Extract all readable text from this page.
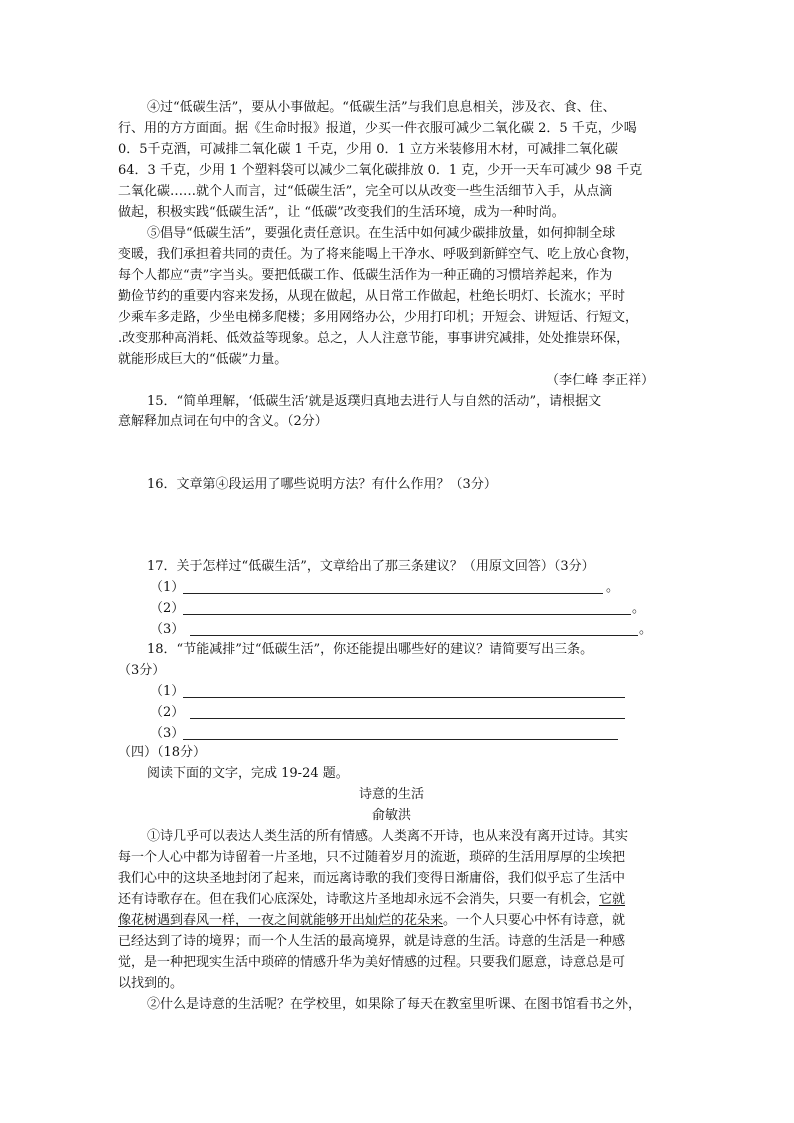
④过“低碳生活”，要从小事做起。“低碳生活”与我们息息相关，涉及衣、食、住、
行、用的方方面面。据《生命时报》报道，少买一件衣服可减少二氧化碳 2．5 千克，少喝
0．5千克酒，可减排二氧化碳 1 千克，少用 0．1 立方米装修用木材，可减排二氧化碳
64．3 千克，少用 1 个塑料袋可以减少二氧化碳排放 0．1 克，少开一天车可减少 98 千克
二氧化碳……就个人而言，过“低碳生活”，完全可以从改变一些生活细节入手，从点滴
做起，积极实践“低碳生活”，让 “低碳”改变我们的生活环境，成为一种时尚。
⑤倡导“低碳生活”，要强化责任意识。在生活中如何减少碳排放量，如何抑制全球
变暖，我们承担着共同的责任。为了将来能喝上干净水、呼吸到新鲜空气、吃上放心食物，
每个人都应“责”字当头。要把低碳工作、低碳生活作为一种正确的习惯培养起来，作为
勤俭节约的重要内容来发扬，从现在做起，从日常工作做起，杜绝长明灯、长流水；平时
少乘车多走路，少坐电梯多爬楼；多用网络办公，少用打印机；开短会、讲短话、行短文，
.改变那种高消耗、低效益等现象。总之，人人注意节能，事事讲究减排，处处推崇环保，
就能形成巨大的“低碳”力量。
（李仁峰 李正祥）
15．“简单理解，‘低碳生活’就是返璞归真地去进行人与自然的活动”，请根据文
意解释加点词在句中的含义。（2分）
16．文章第④段运用了哪些说明方法？有什么作用？（3分）
17．关于怎样过“低碳生活”，文章给出了那三条建议？（用原文回答）（3分）
（1）	。
（2）	。
（3）	。
18．“节能减排”过“低碳生活”，你还能提出哪些好的建议？请简要写出三条。
（3分）
（1）
（2）
（3）
（四）（18分）
阅读下面的文字，完成 19-24 题。
诗意的生活
俞敏洪
①诗几乎可以表达人类生活的所有情感。人类离不开诗，也从来没有离开过诗。其实
每一个人心中都为诗留着一片圣地，只不过随着岁月的流逝，琐碎的生活用厚厚的尘埃把
我们心中的这块圣地封闭了起来，而远离诗歌的我们变得日渐庸俗，我们似乎忘了生活中
还有诗歌存在。但在我们心底深处，诗歌这片圣地却永远不会消失，只要一有机会，它就
像花树遇到春风一样，一夜之间就能够开出灿烂的花朵来。一个人只要心中怀有诗意，就
已经达到了诗的境界；而一个人生活的最高境界，就是诗意的生活。诗意的生活是一种感
觉，是一种把现实生活中琐碎的情感升华为美好情感的过程。只要我们愿意，诗意总是可
以找到的。
②什么是诗意的生活呢？在学校里，如果除了每天在教室里听课、在图书馆看书之外，
